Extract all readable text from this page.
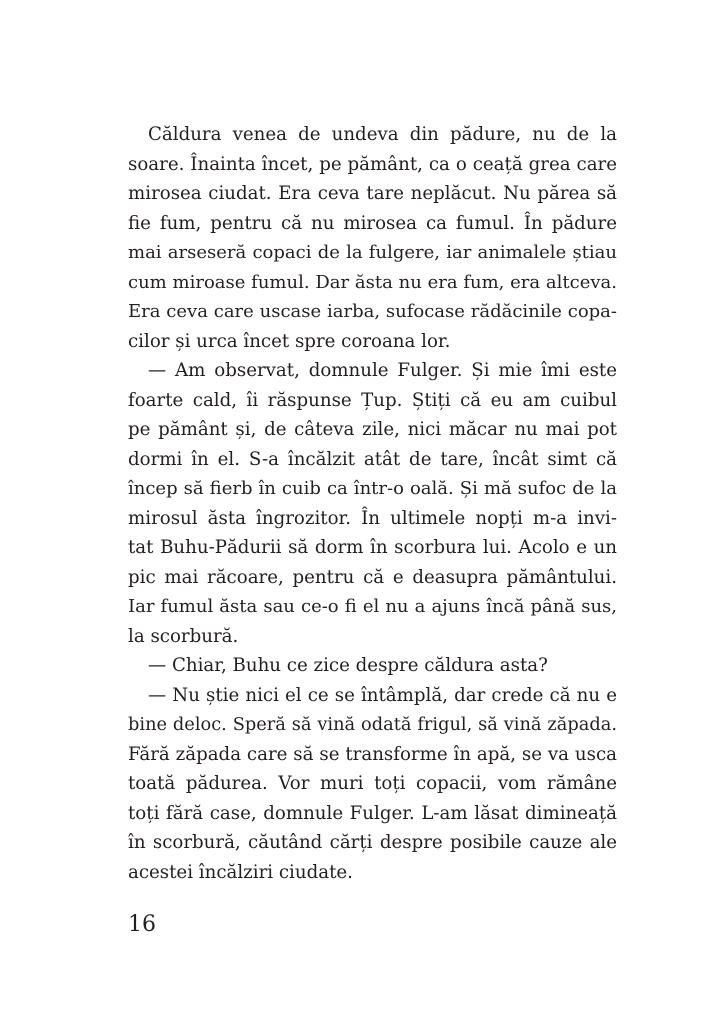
Căldura venea de undeva din pădure, nu de la
soare. Înainta încet, pe pământ, ca o ceață grea care
mirosea ciudat. Era ceva tare neplăcut. Nu părea să
fie fum, pentru că nu mirosea ca fumul. În pădure
mai arseseră copaci de la fulgere, iar animalele știau
cum miroase fumul. Dar ăsta nu era fum, era altceva.
Era ceva care uscase iarba, sufocase rădăcinile copa-
cilor și urca încet spre coroana lor.
— Am observat, domnule Fulger. Și mie îmi este
foarte cald, îi răspunse Țup. Știți că eu am cuibul
pe pământ și, de câteva zile, nici măcar nu mai pot
dormi în el. S-a încălzit atât de tare, încât simt că
încep să fierb în cuib ca într-o oală. Și mă sufoc de la
mirosul ăsta îngrozitor. În ultimele nopți m-a invi-
tat Buhu-Pădurii să dorm în scorbura lui. Acolo e un
pic mai răcoare, pentru că e deasupra pământului.
Iar fumul ăsta sau ce-o fi el nu a ajuns încă până sus,
la scorbură.
— Chiar, Buhu ce zice despre căldura asta?
— Nu știe nici el ce se întâmplă, dar crede că nu e
bine deloc. Speră să vină odată frigul, să vină zăpada.
Fără zăpada care să se transforme în apă, se va usca
toată pădurea. Vor muri toți copacii, vom rămâne
toți fără case, domnule Fulger. L-am lăsat dimineață
în scorbură, căutând cărți despre posibile cauze ale
acestei încălziri ciudate.
16
